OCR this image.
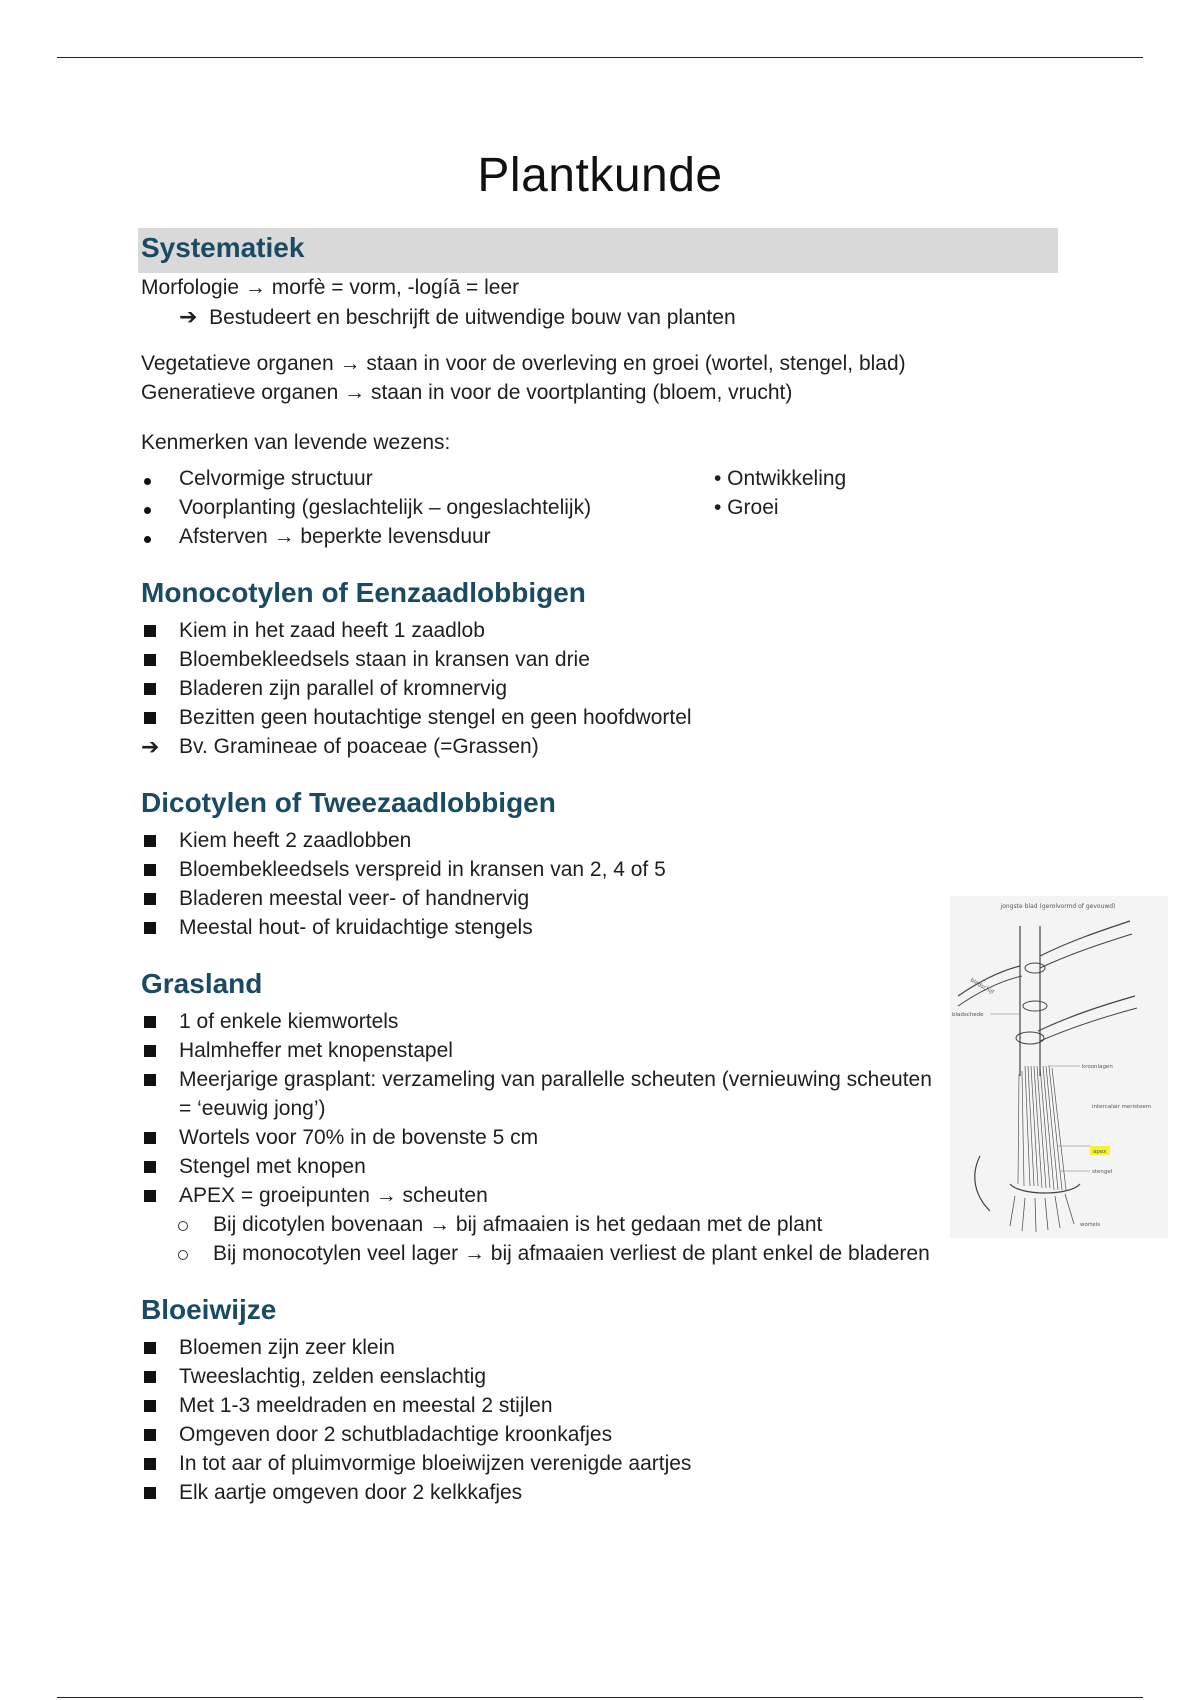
Plantkunde
Systematiek

Morfologie → morfè = vorm, -logíā = leer

➔ Bestudeert en beschrijft de uitwendige bouw van planten

Vegetatieve organen → staan in voor de overleving en groei (wortel, stengel, blad)

Generatieve organen → staan in voor de voortplanting (bloem, vrucht)

Kenmerken van levende wezens:

Celvormige structuur
Voorplanting (geslachtelijk – ongeslachtelijk)
Afsterven → beperkte levensduur

• Ontwikkeling

• Groei

Monocotylen of Eenzaadlobbigen
Kiem in het zaad heeft 1 zaadlob
Bloembekleedsels staan in kransen van drie
Bladeren zijn parallel of kromnervig
Bezitten geen houtachtige stengel en geen hoofdwortel
➔ Bv. Gramineae of poaceae (=Grassen)
Dicotylen of Tweezaadlobbigen
Kiem heeft 2 zaadlobben
Bloembekleedsels verspreid in kransen van 2, 4 of 5
Bladeren meestal veer- of handnervig
Meestal hout- of kruidachtige stengels
Grasland
1 of enkele kiemwortels
Halmheffer met knopenstapel
Meerjarige grasplant: verzameling van parallelle scheuten (vernieuwing scheuten = ‘eeuwig jong’)
Wortels voor 70% in de bovenste 5 cm
Stengel met knopen
APEX = groeipunten → scheuten
Bij dicotylen bovenaan → bij afmaaien is het gedaan met de plant
Bij monocotylen veel lager → bij afmaaien verliest de plant enkel de bladeren
Bloeiwijze
Bloemen zijn zeer klein
Tweeslachtig, zelden eenslachtig
Met 1-3 meeldraden en meestal 2 stijlen
Omgeven door 2 schutbladachtige kroonkafjes
In tot aar of pluimvormige bloeiwijzen verenigde aartjes
Elk aartje omgeven door 2 kelkkafjes
jongste blad (gerolvormd of gevouwd)
bladschede
bladschijf
kroonlagen
intercalair meristeem
apex
stengel
wortels
